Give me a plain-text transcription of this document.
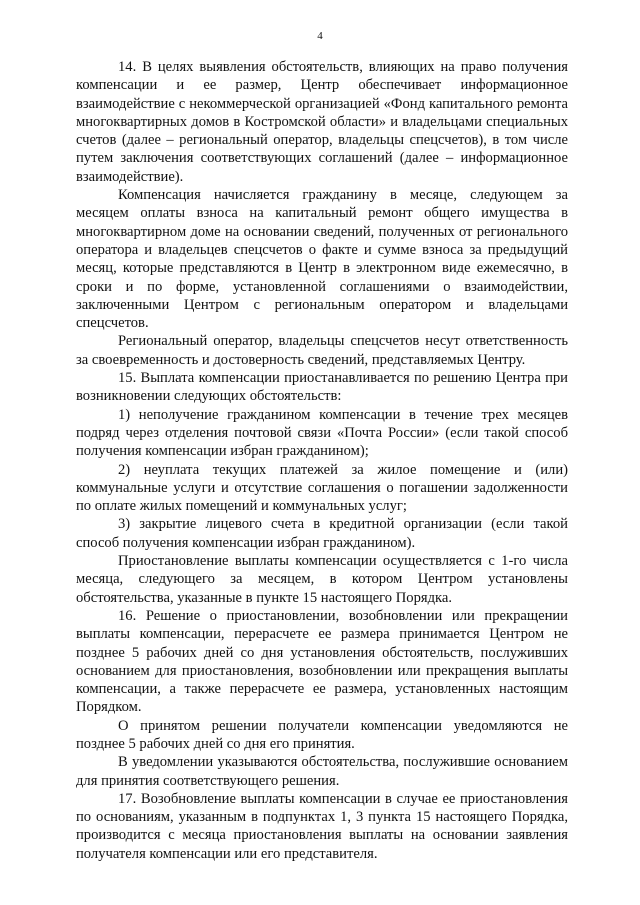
4

14. В целях выявления обстоятельств, влияющих на право получения компенсации и ее размер, Центр обеспечивает информационное взаимодействие с некоммерческой организацией «Фонд капитального ремонта многоквартирных домов в Костромской области» и владельцами специальных счетов (далее – региональный оператор, владельцы спецсчетов), в том числе путем заключения соответствующих соглашений (далее – информационное взаимодействие).

Компенсация начисляется гражданину в месяце, следующем за месяцем оплаты взноса на капитальный ремонт общего имущества в многоквартирном доме на основании сведений, полученных от регионального оператора и владельцев спецсчетов о факте и сумме взноса за предыдущий месяц, которые представляются в Центр в электронном виде ежемесячно, в сроки и по форме, установленной соглашениями о взаимодействии, заключенными Центром с региональным оператором и владельцами спецсчетов.

Региональный оператор, владельцы спецсчетов несут ответственность за своевременность и достоверность сведений, представляемых Центру.

15. Выплата компенсации приостанавливается по решению Центра при возникновении следующих обстоятельств:

1) неполучение гражданином компенсации в течение трех месяцев подряд через отделения почтовой связи «Почта России» (если такой способ получения компенсации избран гражданином);

2) неуплата текущих платежей за жилое помещение и (или) коммунальные услуги и отсутствие соглашения о погашении задолженности по оплате жилых помещений и коммунальных услуг;

3) закрытие лицевого счета в кредитной организации (если такой способ получения компенсации избран гражданином).

Приостановление выплаты компенсации осуществляется с 1-го числа месяца, следующего за месяцем, в котором Центром установлены обстоятельства, указанные в пункте 15 настоящего Порядка.

16. Решение о приостановлении, возобновлении или прекращении выплаты компенсации, перерасчете ее размера принимается Центром не позднее 5 рабочих дней со дня установления обстоятельств, послуживших основанием для приостановления, возобновлении или прекращения выплаты компенсации, а также перерасчете ее размера, установленных настоящим Порядком.

О принятом решении получатели компенсации уведомляются не позднее 5 рабочих дней со дня его принятия.

В уведомлении указываются обстоятельства, послужившие основанием для принятия соответствующего решения.

17. Возобновление выплаты компенсации в случае ее приостановления по основаниям, указанным в подпунктах 1, 3 пункта 15 настоящего Порядка, производится с месяца приостановления выплаты на основании заявления получателя компенсации или его представителя.
